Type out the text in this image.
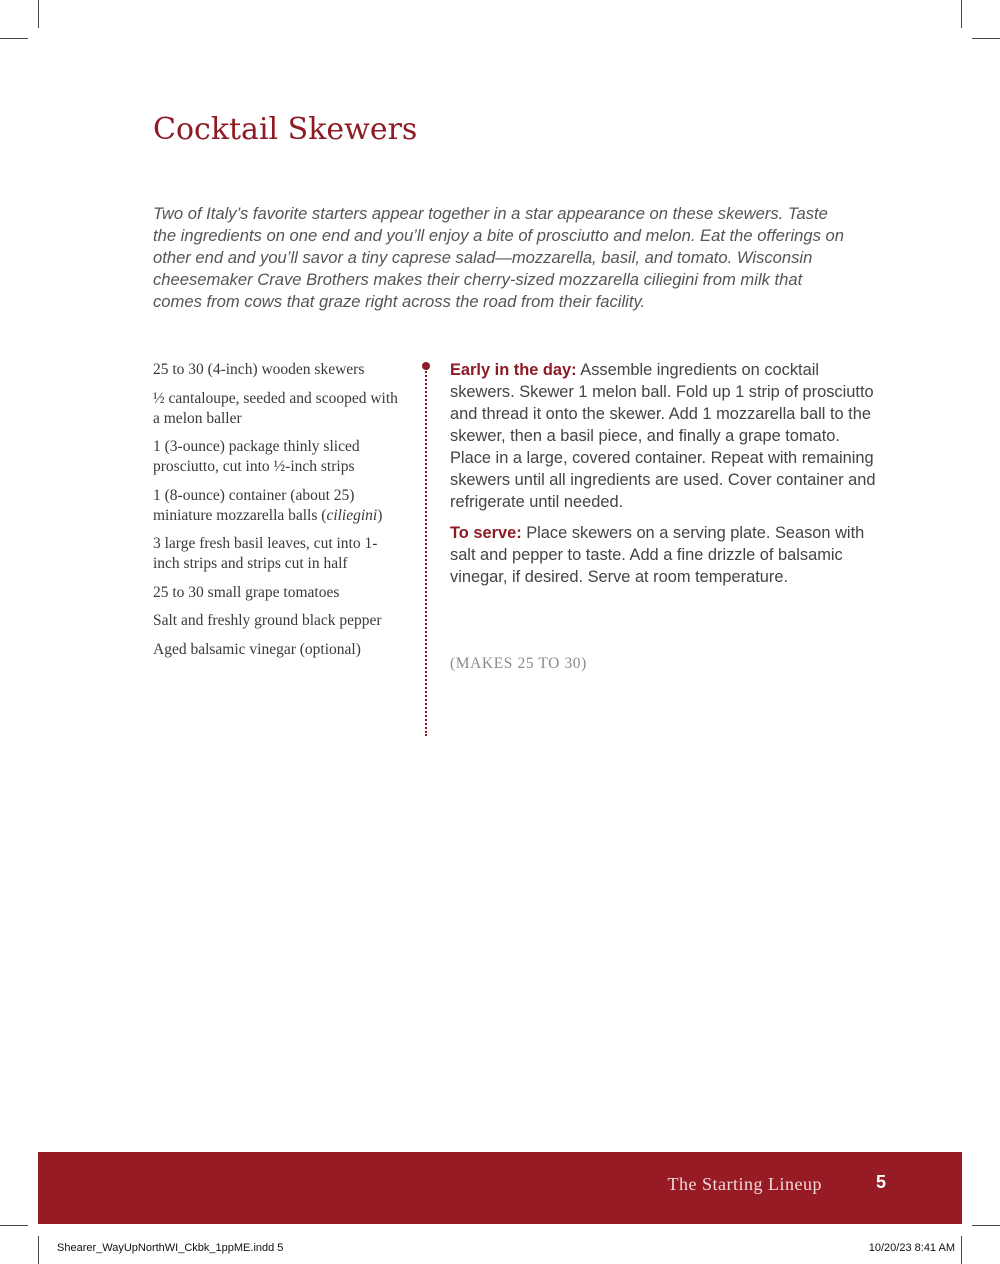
Cocktail Skewers

Two of Italy’s favorite starters appear together in a star appearance on these skewers. Taste the ingredients on one end and you’ll enjoy a bite of prosciutto and melon. Eat the offerings on other end and you’ll savor a tiny caprese salad—mozzarella, basil, and tomato. Wisconsin cheesemaker Crave Brothers makes their cherry-sized mozzarella ciliegini from milk that comes from cows that graze right across the road from their facility.

25 to 30 (4-inch) wooden skewers
½ cantaloupe, seeded and scooped with a melon baller
1 (3-ounce) package thinly sliced prosciutto, cut into ½-inch strips
1 (8-ounce) container (about 25) miniature mozzarella balls (ciliegini)
3 large fresh basil leaves, cut into 1-inch strips and strips cut in half
25 to 30 small grape tomatoes
Salt and freshly ground black pepper
Aged balsamic vinegar (optional)

Early in the day: Assemble ingredients on cocktail skewers. Skewer 1 melon ball. Fold up 1 strip of prosciutto and thread it onto the skewer. Add 1 mozzarella ball to the skewer, then a basil piece, and finally a grape tomato. Place in a large, covered container. Repeat with remaining skewers until all ingredients are used. Cover container and refrigerate until needed.

To serve: Place skewers on a serving plate. Season with salt and pepper to taste. Add a fine drizzle of balsamic vinegar, if desired. Serve at room temperature.

(MAKES 25 TO 30)

The Starting Lineup	5
Shearer_WayUpNorthWI_Ckbk_1ppME.indd 5	10/20/23 8:41 AM
